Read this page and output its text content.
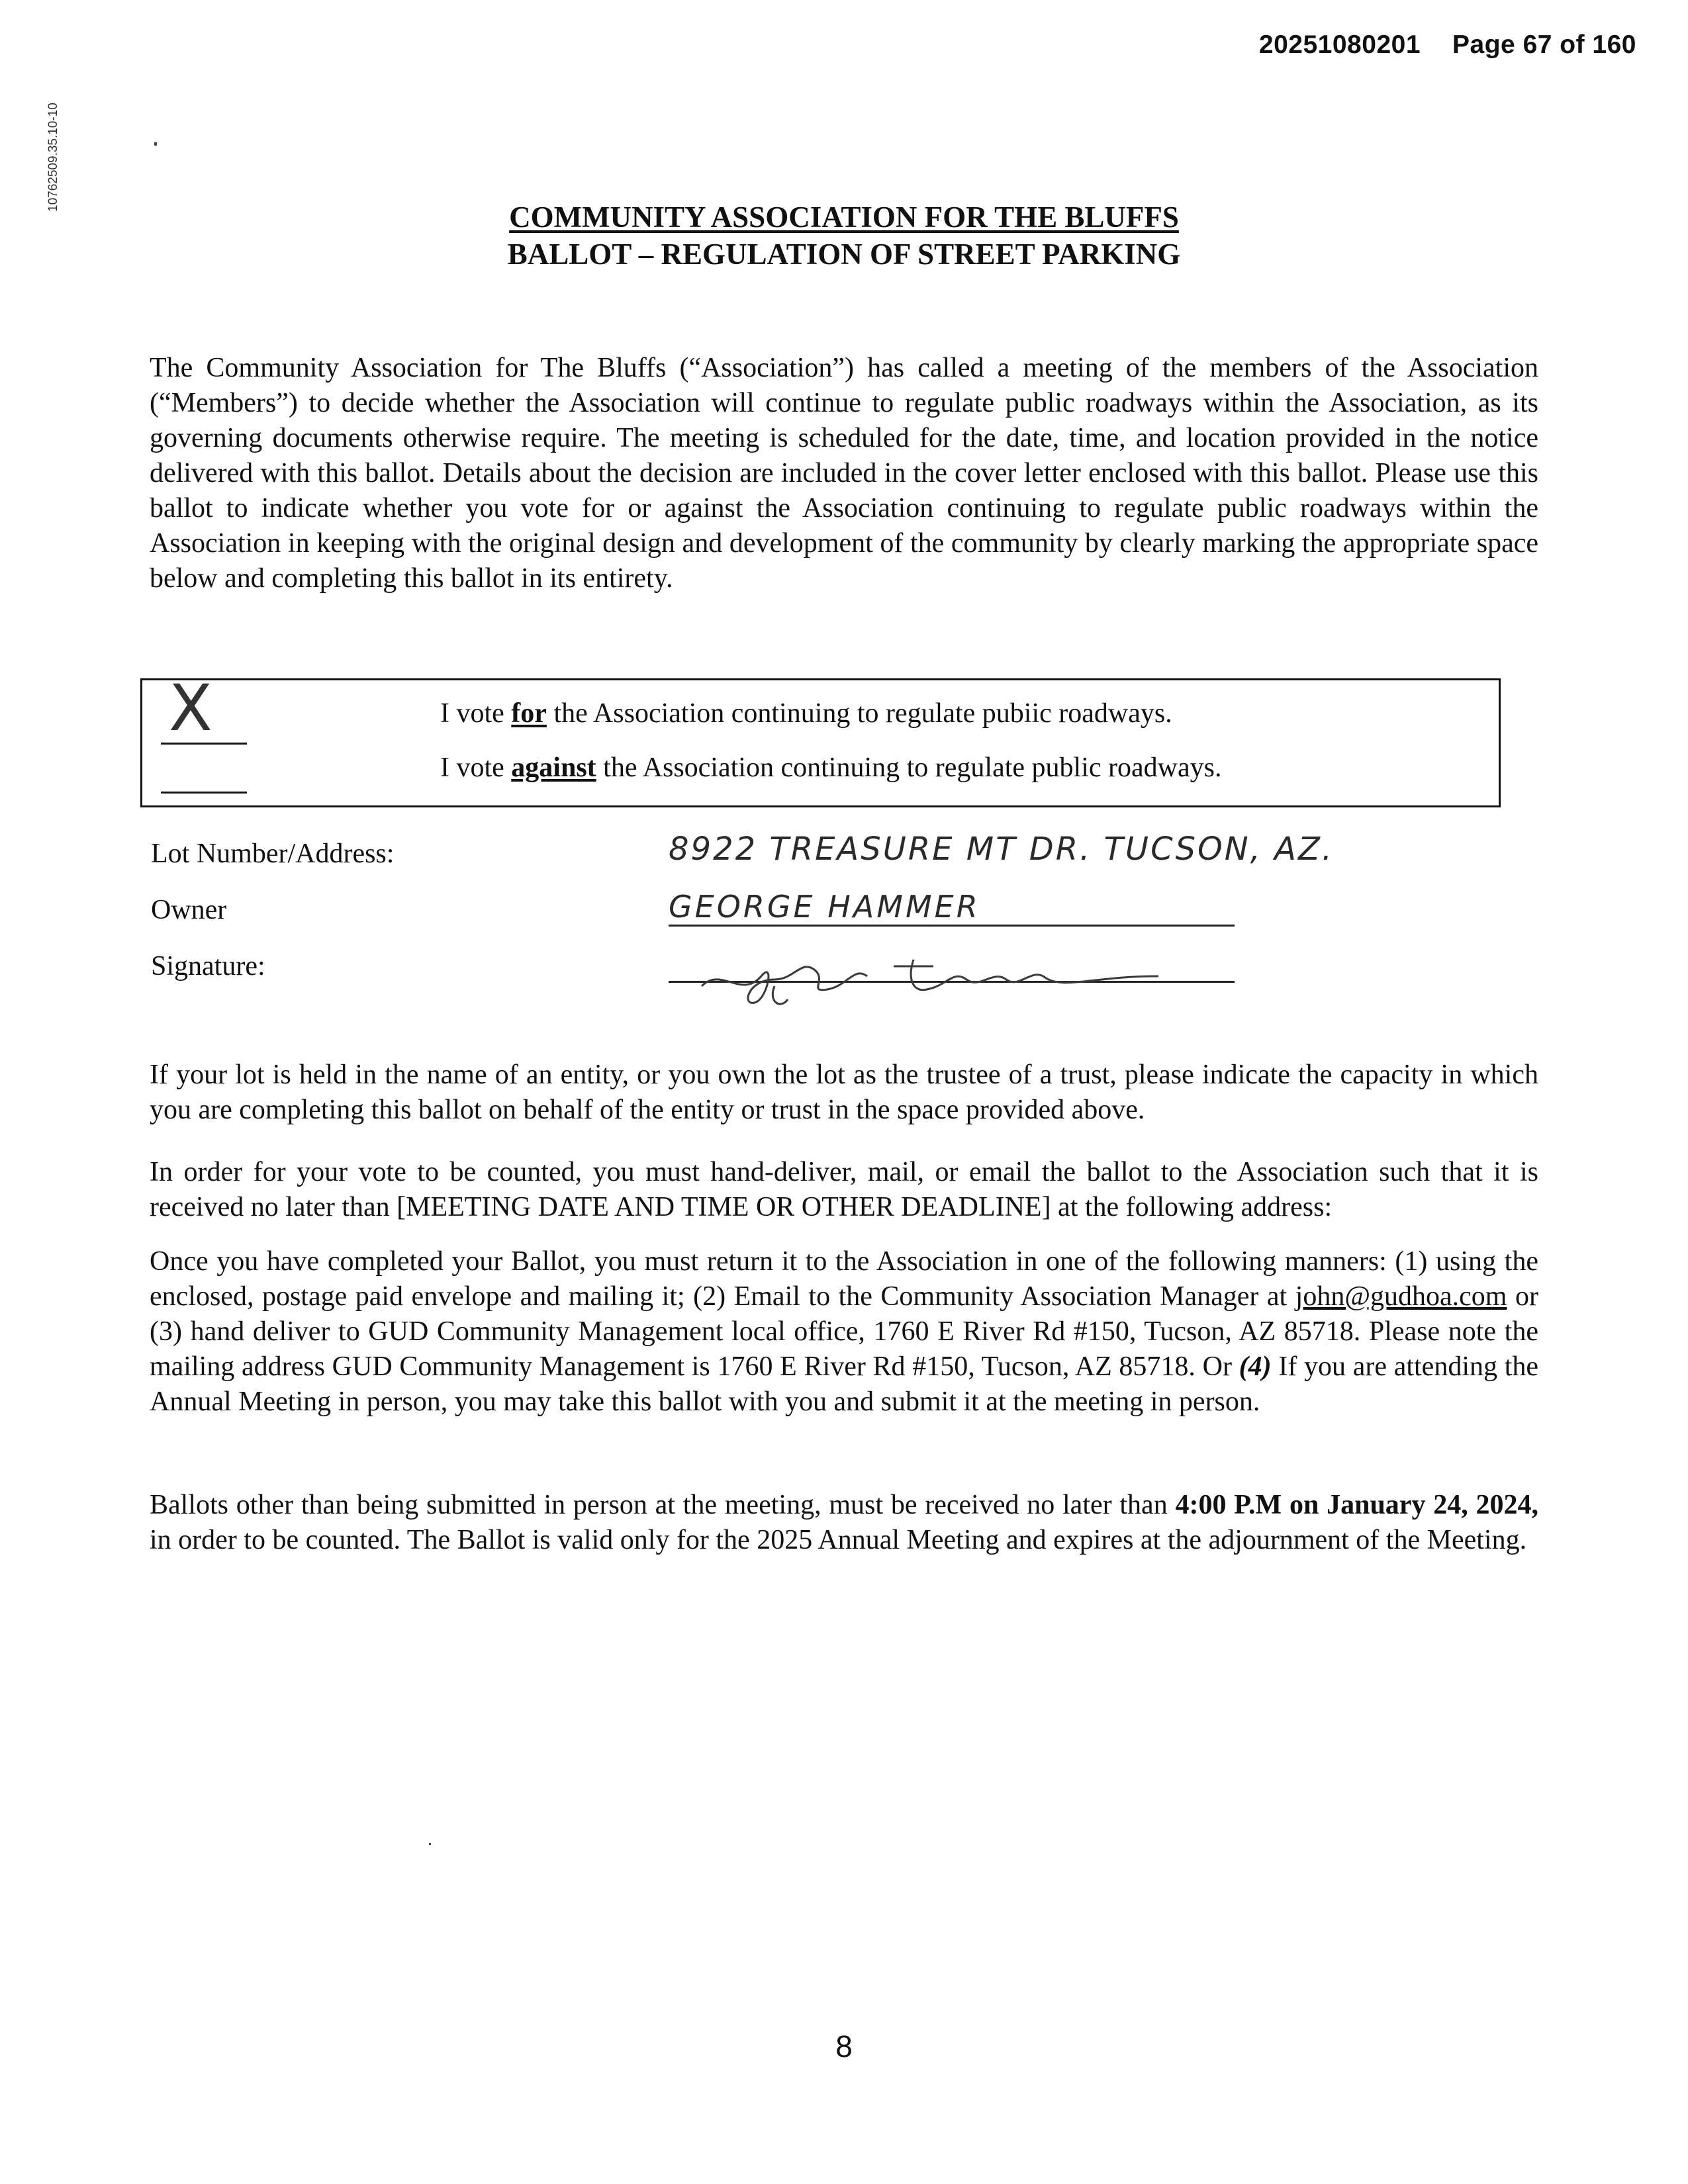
20251080201 Page 67 of 160
10762509.35.10-10
COMMUNITY ASSOCIATION FOR THE BLUFFS
BALLOT – REGULATION OF STREET PARKING
The Community Association for The Bluffs (“Association”) has called a meeting of the members of the Association (“Members”) to decide whether the Association will continue to regulate public roadways within the Association, as its governing documents otherwise require. The meeting is scheduled for the date, time, and location provided in the notice delivered with this ballot. Details about the decision are included in the cover letter enclosed with this ballot. Please use this ballot to indicate whether you vote for or against the Association continuing to regulate public roadways within the Association in keeping with the original design and development of the community by clearly marking the appropriate space below and completing this ballot in its entirety.
X	I vote for the Association continuing to regulate pubiic roadways.
I vote against the Association continuing to regulate public roadways.
Lot Number/Address:
Owner
Signature:
8922 TREASURE MT DR. TUCSON, AZ.
GEORGE HAMMER
If your lot is held in the name of an entity, or you own the lot as the trustee of a trust, please indicate the capacity in which you are completing this ballot on behalf of the entity or trust in the space provided above.
In order for your vote to be counted, you must hand-deliver, mail, or email the ballot to the Association such that it is received no later than [MEETING DATE AND TIME OR OTHER DEADLINE] at the following address:
Once you have completed your Ballot, you must return it to the Association in one of the following manners: (1) using the enclosed, postage paid envelope and mailing it; (2) Email to the Community Association Manager at john@gudhoa.com or (3) hand deliver to GUD Community Management local office, 1760 E River Rd #150, Tucson, AZ 85718. Please note the mailing address GUD Community Management is 1760 E River Rd #150, Tucson, AZ 85718. Or (4) If you are attending the Annual Meeting in person, you may take this ballot with you and submit it at the meeting in person.
Ballots other than being submitted in person at the meeting, must be received no later than 4:00 P.M on January 24, 2024, in order to be counted. The Ballot is valid only for the 2025 Annual Meeting and expires at the adjournment of the Meeting.
8
